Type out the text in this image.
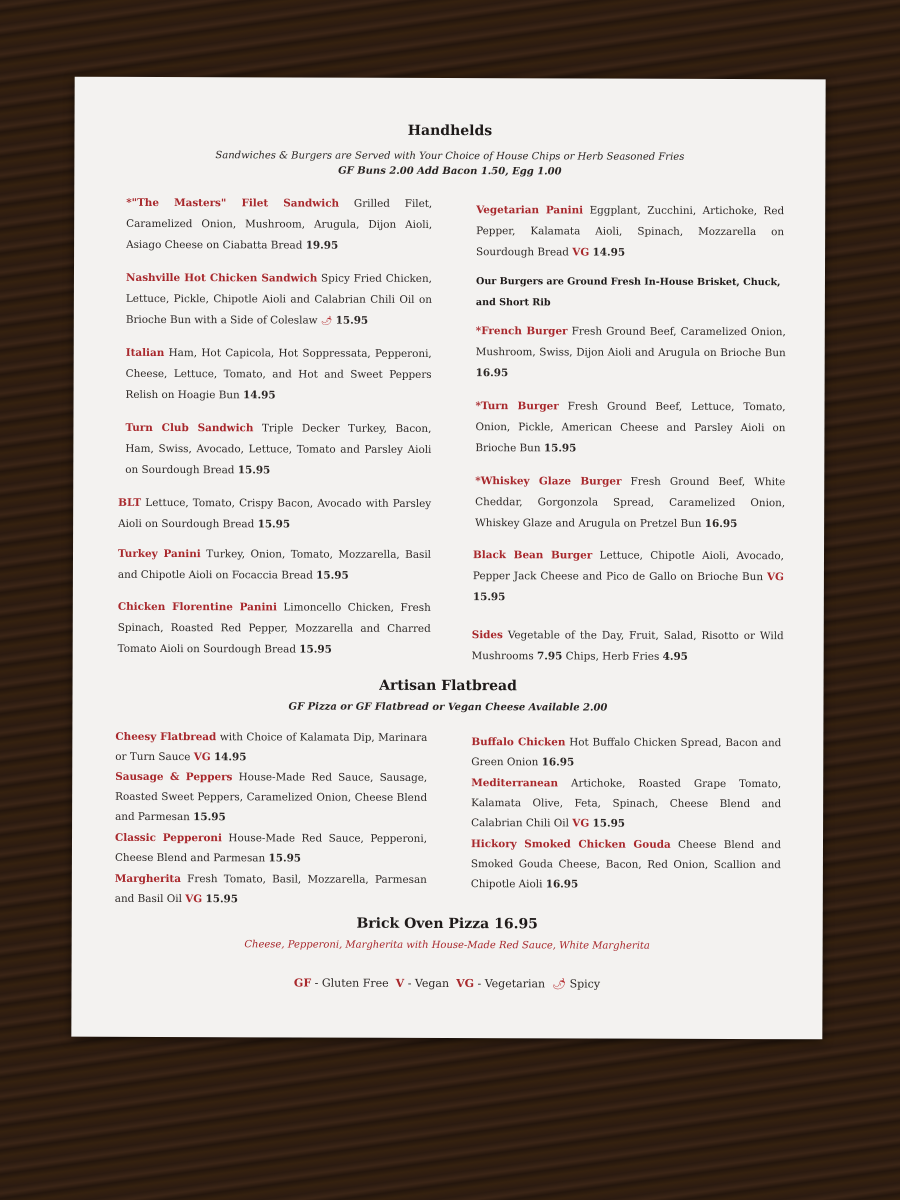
Handhelds
Sandwiches & Burgers are Served with Your Choice of House Chips or Herb Seasoned Fries
GF Buns 2.00 Add Bacon 1.50, Egg 1.00
*"The Masters" Filet Sandwich Grilled Filet, Caramelized Onion, Mushroom, Arugula, Dijon Aioli, Asiago Cheese on Ciabatta Bread 19.95
Nashville Hot Chicken Sandwich Spicy Fried Chicken, Lettuce, Pickle, Chipotle Aioli and Calabrian Chili Oil on Brioche Bun with a Side of Coleslaw 🌶 15.95
Italian Ham, Hot Capicola, Hot Soppressata, Pepperoni, Cheese, Lettuce, Tomato, and Hot and Sweet Peppers Relish on Hoagie Bun 14.95
Turn Club Sandwich Triple Decker Turkey, Bacon, Ham, Swiss, Avocado, Lettuce, Tomato and Parsley Aioli on Sourdough Bread 15.95
BLT Lettuce, Tomato, Crispy Bacon, Avocado with Parsley Aioli on Sourdough Bread 15.95
Turkey Panini Turkey, Onion, Tomato, Mozzarella, Basil and Chipotle Aioli on Focaccia Bread 15.95
Chicken Florentine Panini Limoncello Chicken, Fresh Spinach, Roasted Red Pepper, Mozzarella and Charred Tomato Aioli on Sourdough Bread 15.95
Vegetarian Panini Eggplant, Zucchini, Artichoke, Red Pepper, Kalamata Aioli, Spinach, Mozzarella on Sourdough Bread VG 14.95
Our Burgers are Ground Fresh In-House Brisket, Chuck, and Short Rib
*French Burger Fresh Ground Beef, Caramelized Onion, Mushroom, Swiss, Dijon Aioli and Arugula on Brioche Bun 16.95
*Turn Burger Fresh Ground Beef, Lettuce, Tomato, Onion, Pickle, American Cheese and Parsley Aioli on Brioche Bun 15.95
*Whiskey Glaze Burger Fresh Ground Beef, White Cheddar, Gorgonzola Spread, Caramelized Onion, Whiskey Glaze and Arugula on Pretzel Bun 16.95
Black Bean Burger Lettuce, Chipotle Aioli, Avocado, Pepper Jack Cheese and Pico de Gallo on Brioche Bun VG 15.95
Sides Vegetable of the Day, Fruit, Salad, Risotto or Wild Mushrooms 7.95 Chips, Herb Fries 4.95
Artisan Flatbread
GF Pizza or GF Flatbread or Vegan Cheese Available 2.00
Cheesy Flatbread with Choice of Kalamata Dip, Marinara or Turn Sauce VG 14.95
Sausage & Peppers House-Made Red Sauce, Sausage, Roasted Sweet Peppers, Caramelized Onion, Cheese Blend and Parmesan 15.95
Classic Pepperoni House-Made Red Sauce, Pepperoni, Cheese Blend and Parmesan 15.95
Margherita Fresh Tomato, Basil, Mozzarella, Parmesan and Basil Oil VG 15.95
Buffalo Chicken Hot Buffalo Chicken Spread, Bacon and Green Onion 16.95
Mediterranean Artichoke, Roasted Grape Tomato, Kalamata Olive, Feta, Spinach, Cheese Blend and Calabrian Chili Oil VG 15.95
Hickory Smoked Chicken Gouda Cheese Blend and Smoked Gouda Cheese, Bacon, Red Onion, Scallion and Chipotle Aioli 16.95
Brick Oven Pizza 16.95
Cheese, Pepperoni, Margherita with House-Made Red Sauce, White Margherita
GF - Gluten Free V - Vegan VG - Vegetarian 🌶 Spicy
